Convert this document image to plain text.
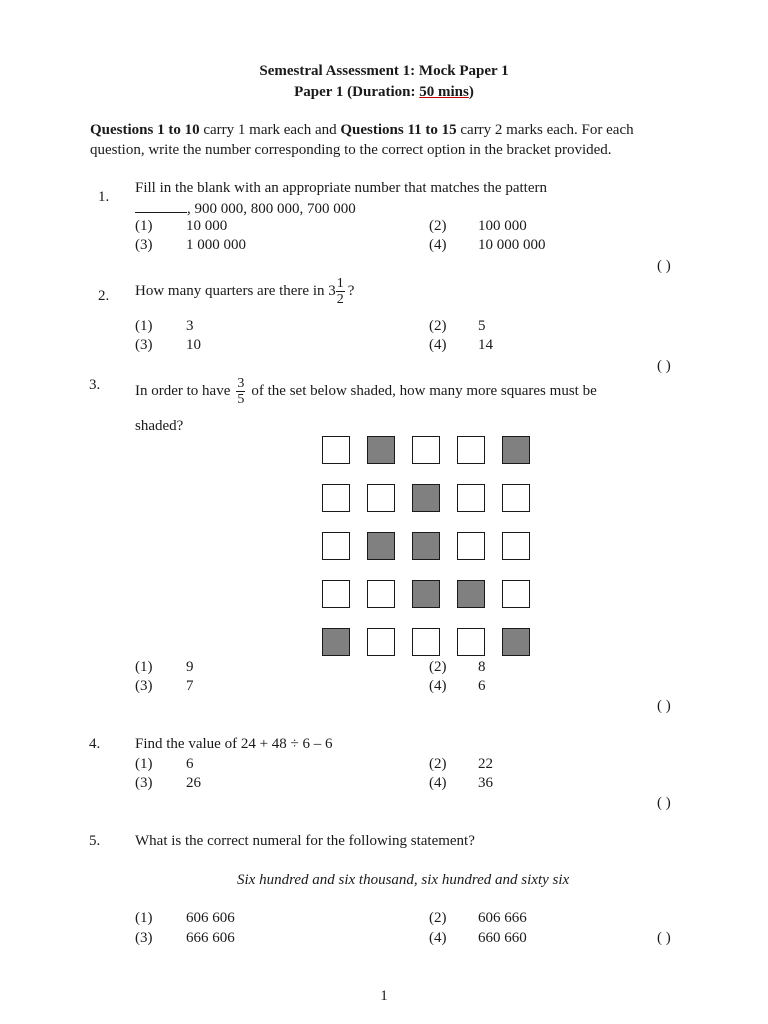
Semestral Assessment 1: Mock Paper 1
Paper 1 (Duration: 50 mins)
Questions 1 to 10 carry 1 mark each and Questions 11 to 15 carry 2 marks each. For each
question, write the number corresponding to the correct option in the bracket provided.
1.
Fill in the blank with an appropriate number that matches the pattern
, 900 000, 800 000, 700 000
(1) 10 000	(2) 100 000
(3) 1 000 000	(4) 10 000 000
( )
2. How many quarters are there in $3 \frac{1}{2}$ ?
(1) 3	(2) 5
(3) 10	(4) 14
( )
3. In order to have $\frac{3}{5}$ of the set below shaded, how many more squares must be
shaded?
(1) 9	(2) 8
(3) 7	(4) 6
( )
4. Find the value of 24 + 48 ÷ 6 – 6
(1) 6	(2) 22
(3) 26	(4) 36
( )
5. What is the correct numeral for the following statement?
Six hundred and six thousand, six hundred and sixty six
(1) 606 606	(2) 606 666
(3) 666 606	(4) 660 660	( )
1
